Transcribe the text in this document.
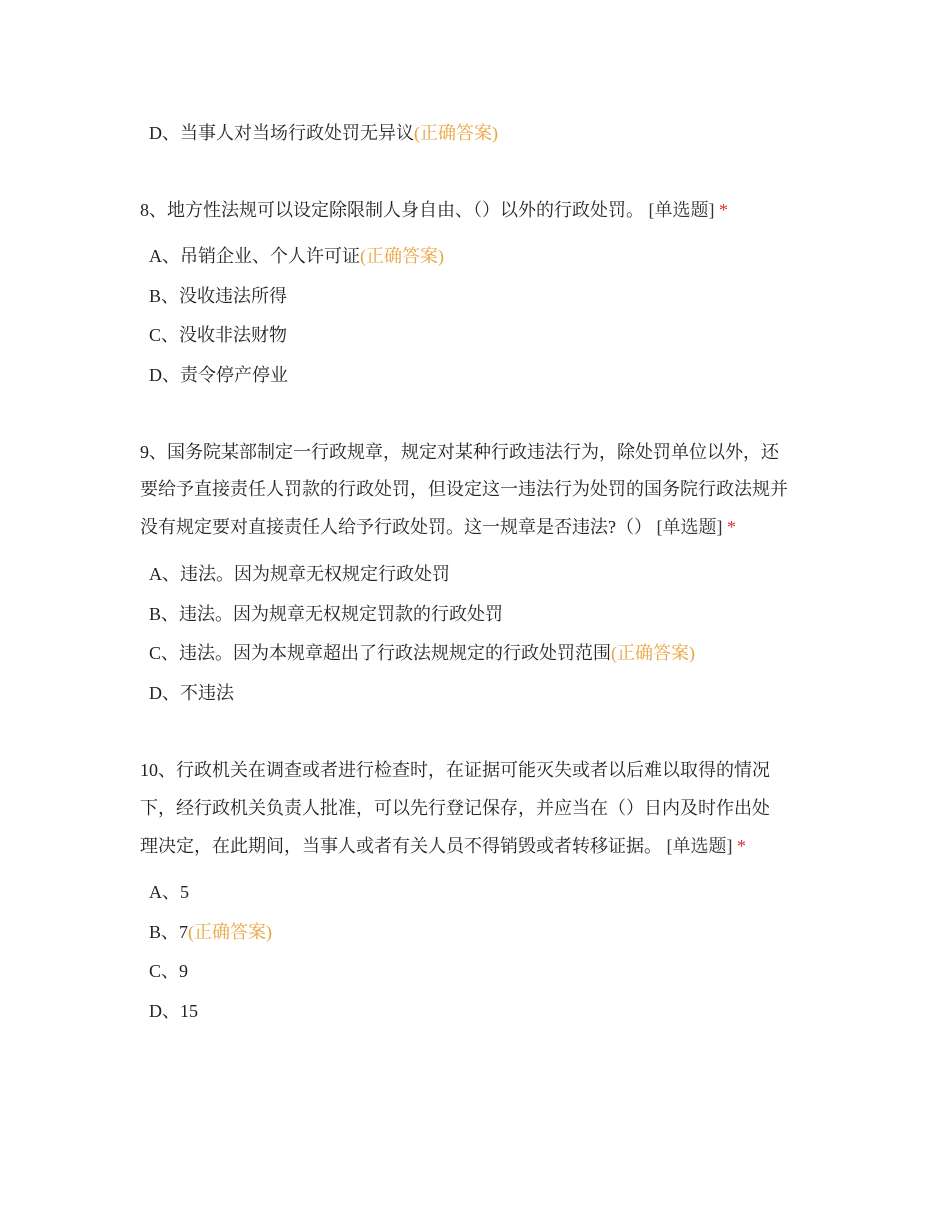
D、当事人对当场行政处罚无异议(正确答案)
8、地方性法规可以设定除限制人身自由、（）以外的行政处罚。 [单选题] *
A、吊销企业、个人许可证(正确答案)
B、没收违法所得
C、没收非法财物
D、责令停产停业
9、国务院某部制定一行政规章，规定对某种行政违法行为，除处罚单位以外，还
要给予直接责任人罚款的行政处罚，但设定这一违法行为处罚的国务院行政法规并
没有规定要对直接责任人给予行政处罚。这一规章是否违法?（） [单选题] *
A、违法。因为规章无权规定行政处罚
B、违法。因为规章无权规定罚款的行政处罚
C、违法。因为本规章超出了行政法规规定的行政处罚范围(正确答案)
D、不违法
10、行政机关在调查或者进行检查时，在证据可能灭失或者以后难以取得的情况
下，经行政机关负责人批准，可以先行登记保存，并应当在（）日内及时作出处
理决定，在此期间，当事人或者有关人员不得销毁或者转移证据。 [单选题] *
A、5
B、7(正确答案)
C、9
D、15
